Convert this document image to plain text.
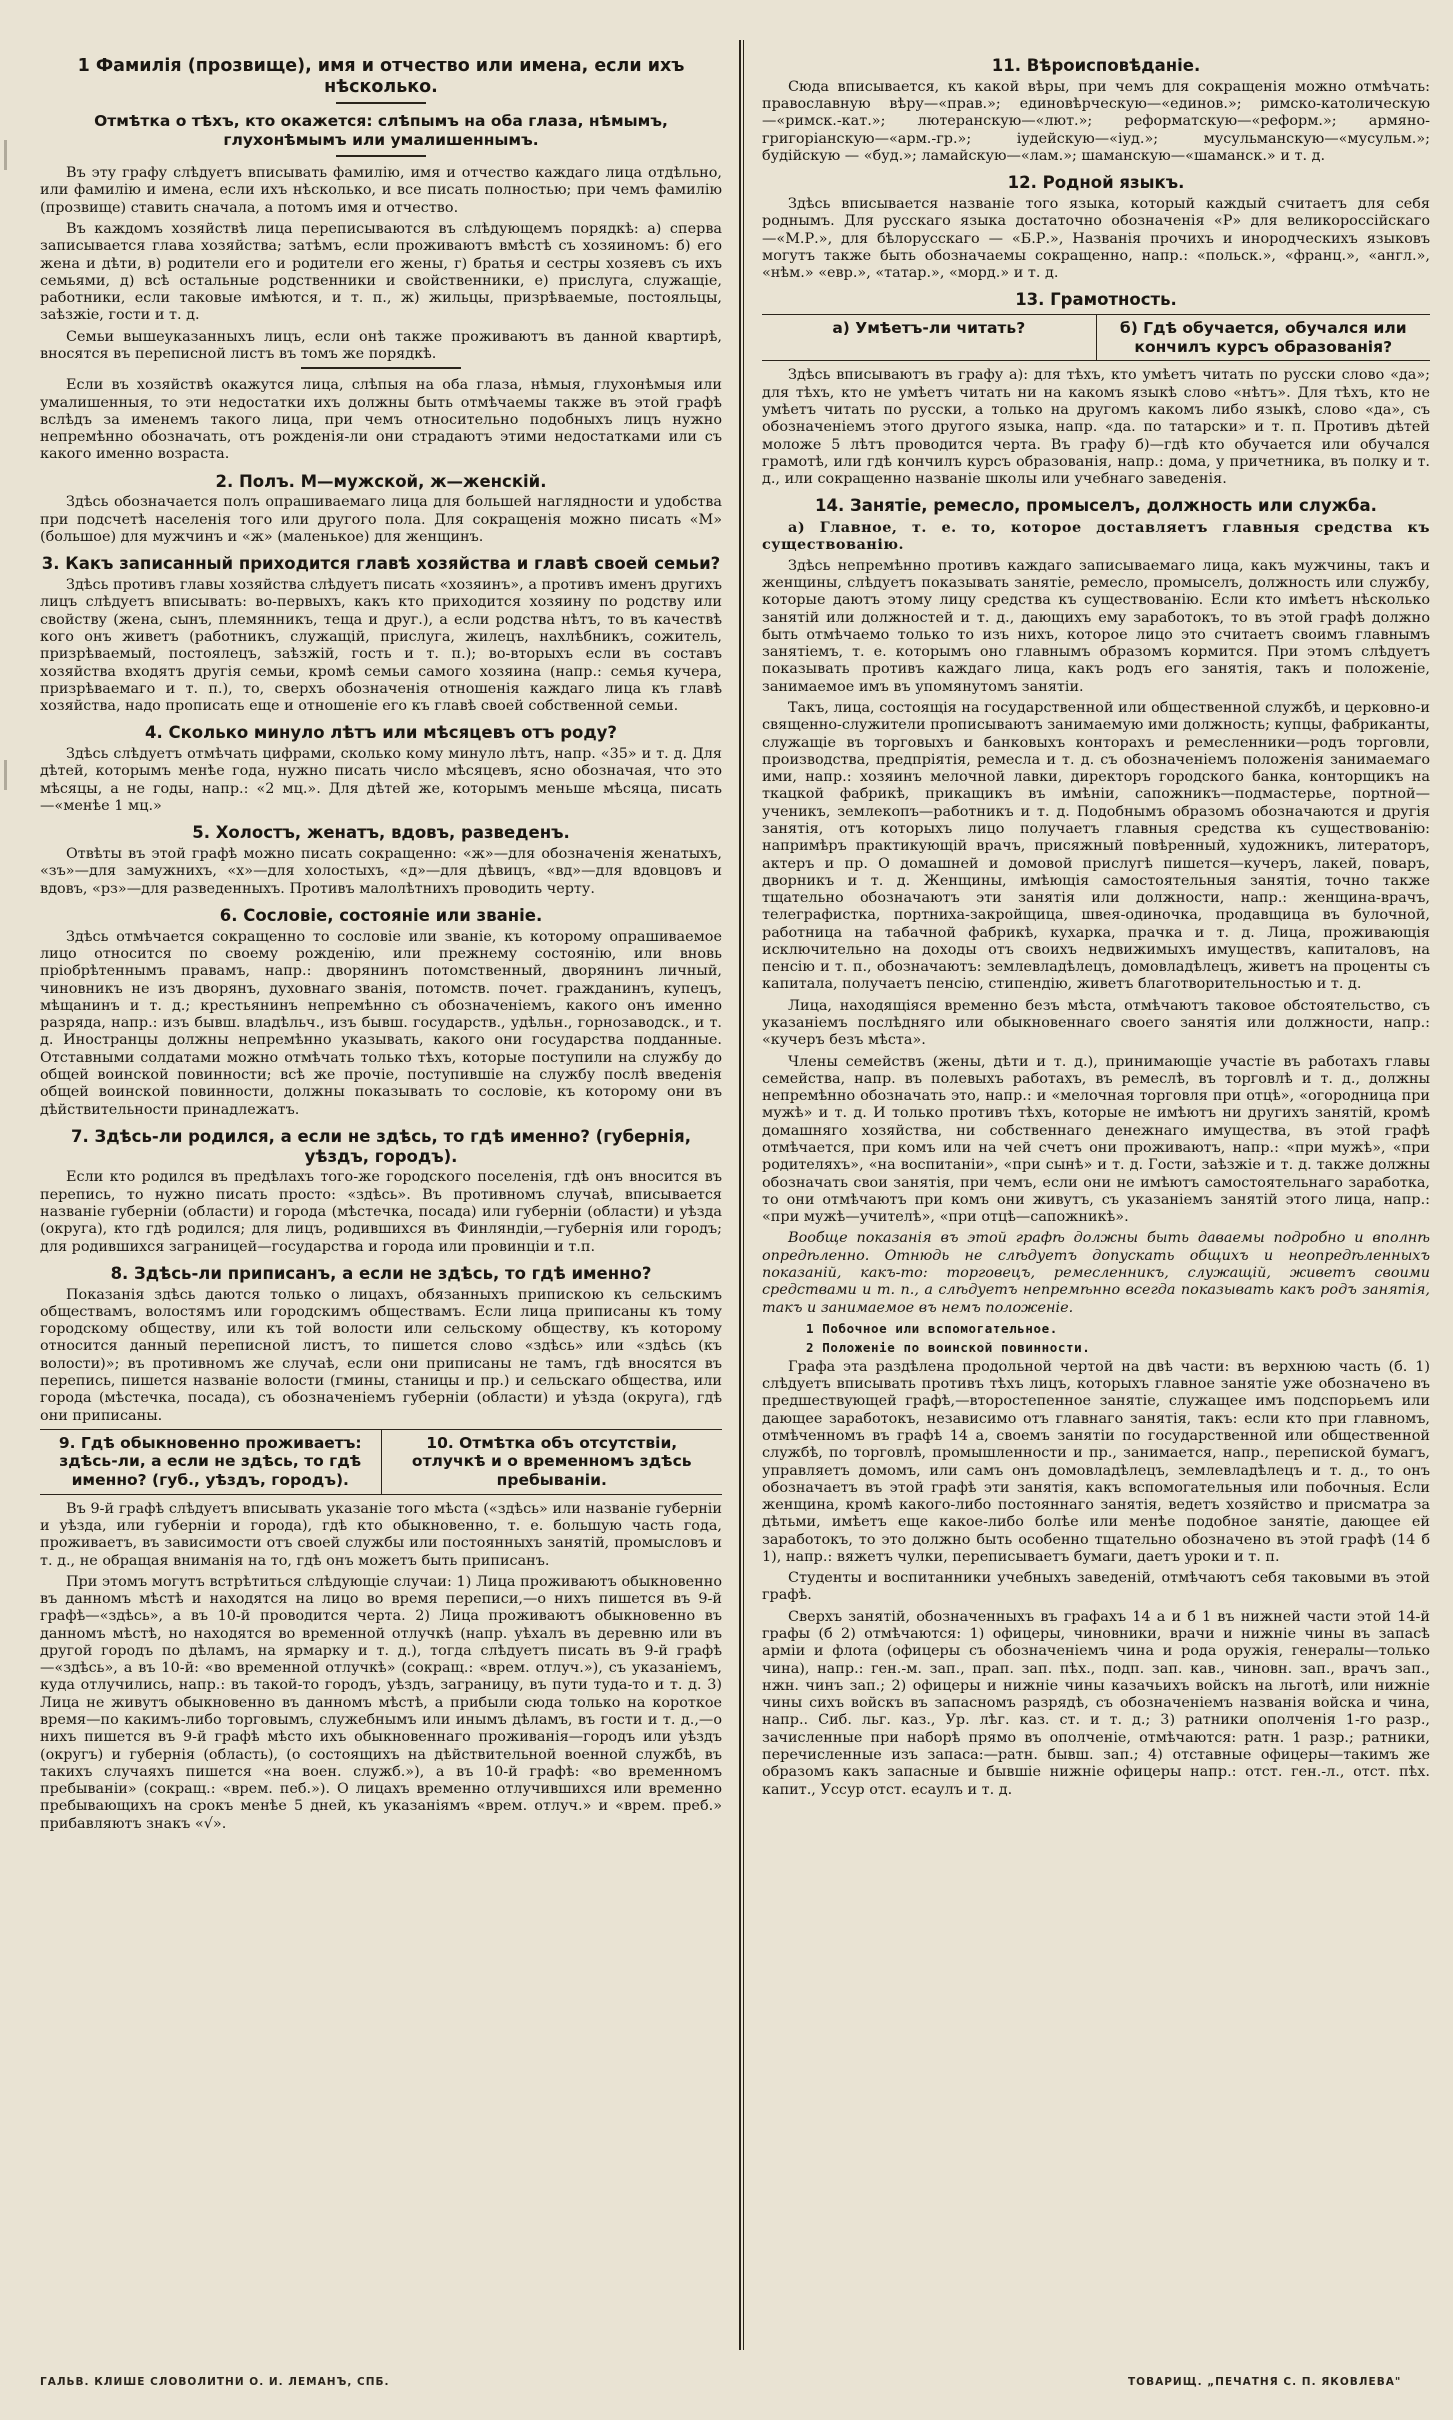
1 Фамилія (прозвище), имя и отчество или имена, если ихъ нѣсколько.
Отмѣтка о тѣхъ, кто окажется: слѣпымъ на оба глаза, нѣмымъ, глухонѣмымъ или умалишеннымъ.

Въ эту графу слѣдуетъ вписывать фамилію, имя и отчество каждаго лица отдѣльно, или фамилію и имена, если ихъ нѣсколько, и все писать полностью; при чемъ фамилію (прозвище) ставить сначала, а потомъ имя и отчество.

Въ каждомъ хозяйствѣ лица переписываются въ слѣдующемъ порядкѣ: а) сперва записывается глава хозяйства; затѣмъ, если проживаютъ вмѣстѣ съ хозяиномъ: б) его жена и дѣти, в) родители его и родители его жены, г) братья и сестры хозяевъ съ ихъ семьями, д) всѣ остальные родственники и свойственники, е) прислуга, служащіе, работники, если таковые имѣются, и т. п., ж) жильцы, призрѣваемые, постояльцы, заѣзжіе, гости и т. д.

Семьи вышеуказанныхъ лицъ, если онѣ также проживаютъ въ данной квартирѣ, вносятся въ переписной листъ въ томъ же порядкѣ.

Если въ хозяйствѣ окажутся лица, слѣпыя на оба глаза, нѣмыя, глухонѣмыя или умалишенныя, то эти недостатки ихъ должны быть отмѣчаемы также въ этой графѣ вслѣдъ за именемъ такого лица, при чемъ относительно подобныхъ лицъ нужно непремѣнно обозначать, отъ рожденія-ли они страдаютъ этими недостатками или съ какого именно возраста.

2. Полъ. М—мужской, ж—женскій.

Здѣсь обозначается полъ опрашиваемаго лица для большей наглядности и удобства при подсчетѣ населенія того или другого пола. Для сокращенія можно писать «М» (большое) для мужчинъ и «ж» (маленькое) для женщинъ.

3. Какъ записанный приходится главѣ хозяйства и главѣ своей семьи?

Здѣсь противъ главы хозяйства слѣдуетъ писать «хозяинъ», а противъ именъ другихъ лицъ слѣдуетъ вписывать: во-первыхъ, какъ кто приходится хозяину по родству или свойству (жена, сынъ, племянникъ, теща и друг.), а если родства нѣтъ, то въ качествѣ кого онъ живетъ (работникъ, служащій, прислуга, жилецъ, нахлѣбникъ, сожитель, призрѣваемый, постоялецъ, заѣзжій, гость и т. п.); во-вторыхъ если въ составъ хозяйства входятъ другія семьи, кромѣ семьи самого хозяина (напр.: семья кучера, призрѣваемаго и т. п.), то, сверхъ обозначенія отношенія каждаго лица къ главѣ хозяйства, надо прописать еще и отношеніе его къ главѣ своей собственной семьи.

4. Сколько минуло лѣтъ или мѣсяцевъ отъ роду?

Здѣсь слѣдуетъ отмѣчать цифрами, сколько кому минуло лѣтъ, напр. «35» и т. д. Для дѣтей, которымъ менѣе года, нужно писать число мѣсяцевъ, ясно обозначая, что это мѣсяцы, а не годы, напр.: «2 мц.». Для дѣтей же, которымъ меньше мѣсяца, писать—«менѣе 1 мц.»

5. Холостъ, женатъ, вдовъ, разведенъ.

Отвѣты въ этой графѣ можно писать сокращенно: «ж»—для обозначенія женатыхъ, «зъ»—для замужнихъ, «х»—для холостыхъ, «д»—для дѣвицъ, «вд»—для вдовцовъ и вдовъ, «рз»—для разведенныхъ. Противъ малолѣтнихъ проводить черту.

6. Сословіе, состояніе или званіе.

Здѣсь отмѣчается сокращенно то сословіе или званіе, къ которому опрашиваемое лицо относится по своему рожденію, или прежнему состоянію, или вновь пріобрѣтеннымъ правамъ, напр.: дворянинъ потомственный, дворянинъ личный, чиновникъ не изъ дворянъ, духовнаго званія, потомств. почет. гражданинъ, купецъ, мѣщанинъ и т. д.; крестьянинъ непремѣнно съ обозначеніемъ, какого онъ именно разряда, напр.: изъ бывш. владѣльч., изъ бывш. государств., удѣльн., горнозаводск., и т. д. Иностранцы должны непремѣнно указывать, какого они государства подданные. Отставными солдатами можно отмѣчать только тѣхъ, которые поступили на службу до общей воинской повинности; всѣ же прочіе, поступившіе на службу послѣ введенія общей воинской повинности, должны показывать то сословіе, къ которому они въ дѣйствительности принадлежатъ.

7. Здѣсь-ли родился, а если не здѣсь, то гдѣ именно? (губернія, уѣздъ, городъ).

Если кто родился въ предѣлахъ того-же городского поселенія, гдѣ онъ вносится въ перепись, то нужно писать просто: «здѣсь». Въ противномъ случаѣ, вписывается названіе губерніи (области) и города (мѣстечка, посада) или губерніи (области) и уѣзда (округа), кто гдѣ родился; для лицъ, родившихся въ Финляндіи,—губернія или городъ; для родившихся заграницей—государства и города или провинціи и т.п.

8. Здѣсь-ли приписанъ, а если не здѣсь, то гдѣ именно?

Показанія здѣсь даются только о лицахъ, обязанныхъ припискою къ сельскимъ обществамъ, волостямъ или городскимъ обществамъ. Если лица приписаны къ тому городскому обществу, или къ той волости или сельскому обществу, къ которому относится данный переписной листъ, то пишется слово «здѣсь» или «здѣсь (къ волости)»; въ противномъ же случаѣ, если они приписаны не тамъ, гдѣ вносятся въ перепись, пишется названіе волости (гмины, станицы и пр.) и сельскаго общества, или города (мѣстечка, посада), съ обозначеніемъ губерніи (области) и уѣзда (округа), гдѣ они приписаны.

9. Гдѣ обыкновенно проживаетъ: здѣсь-ли, а если не здѣсь, то гдѣ именно? (губ., уѣздъ, городъ).
10. Отмѣтка объ отсутствіи, отлучкѣ и о временномъ здѣсь пребываніи.

Въ 9-й графѣ слѣдуетъ вписывать указаніе того мѣста («здѣсь» или названіе губерніи и уѣзда, или губерніи и города), гдѣ кто обыкновенно, т. е. большую часть года, проживаетъ, въ зависимости отъ своей службы или постоянныхъ занятій, промысловъ и т. д., не обращая вниманія на то, гдѣ онъ можетъ быть приписанъ.

При этомъ могутъ встрѣтиться слѣдующіе случаи: 1) Лица проживаютъ обыкновенно въ данномъ мѣстѣ и находятся на лицо во время переписи,—о нихъ пишется въ 9-й графѣ—«здѣсь», а въ 10-й проводится черта. 2) Лица проживаютъ обыкновенно въ данномъ мѣстѣ, но находятся во временной отлучкѣ (напр. уѣхалъ въ деревню или въ другой городъ по дѣламъ, на ярмарку и т. д.), тогда слѣдуетъ писать въ 9-й графѣ—«здѣсь», а въ 10-й: «во временной отлучкѣ» (сокращ.: «врем. отлуч.»), съ указаніемъ, куда отлучились, напр.: въ такой-то городъ, уѣздъ, заграницу, въ пути туда-то и т. д. 3) Лица не живутъ обыкновенно въ данномъ мѣстѣ, а прибыли сюда только на короткое время—по какимъ-либо торговымъ, служебнымъ или инымъ дѣламъ, въ гости и т. д.,—о нихъ пишется въ 9-й графѣ мѣсто ихъ обыкновеннаго проживанія—городъ или уѣздъ (округъ) и губернія (область), (о состоящихъ на дѣйствительной военной службѣ, въ такихъ случаяхъ пишется «на воен. служб.»), а въ 10-й графѣ: «во временномъ пребываніи» (сокращ.: «врем. пеб.»). О лицахъ временно отлучившихся или временно пребывающихъ на срокъ менѣе 5 дней, къ указаніямъ «врем. отлуч.» и «врем. преб.» прибавляютъ знакъ «√».

11. Вѣроисповѣданіе.

Сюда вписывается, къ какой вѣры, при чемъ для сокращенія можно отмѣчать: православную вѣру—«прав.»; единовѣрческую—«единов.»; римско-католическую—«римск.-кат.»; лютеранскую—«лют.»; реформатскую—«реформ.»; армяно-григоріанскую—«арм.-гр.»; іудейскую—«іуд.»; мусульманскую—«мусульм.»; будійскую — «буд.»; ламайскую—«лам.»; шаманскую—«шаманск.» и т. д.

12. Родной языкъ.

Здѣсь вписывается названіе того языка, который каждый считаетъ для себя роднымъ. Для русскаго языка достаточно обозначенія «Р» для великороссійскаго—«М.Р.», для бѣлорусскаго — «Б.Р.», Названія прочихъ и инородческихъ языковъ могутъ также быть обозначаемы сокращенно, напр.: «польск.», «франц.», «англ.», «нѣм.» «евр.», «татар.», «морд.» и т. д.

13. Грамотность.
а) Умѣетъ-ли читать?	б) Гдѣ обучается, обучался или кончилъ курсъ образованія?

Здѣсь вписываютъ въ графу а): для тѣхъ, кто умѣетъ читать по русски слово «да»; для тѣхъ, кто не умѣетъ читать ни на какомъ языкѣ слово «нѣтъ». Для тѣхъ, кто не умѣетъ читать по русски, а только на другомъ какомъ либо языкѣ, слово «да», съ обозначеніемъ этого другого языка, напр. «да. по татарски» и т. п. Противъ дѣтей моложе 5 лѣтъ проводится черта. Въ графу б)—гдѣ кто обучается или обучался грамотѣ, или гдѣ кончилъ курсъ образованія, напр.: дома, у причетника, въ полку и т. д., или сокращенно названіе школы или учебнаго заведенія.

14. Занятіе, ремесло, промыселъ, должность или служба.

а) Главное, т. е. то, которое доставляетъ главныя средства къ существованію.

Здѣсь непремѣнно противъ каждаго записываемаго лица, какъ мужчины, такъ и женщины, слѣдуетъ показывать занятіе, ремесло, промыселъ, должность или службу, которые даютъ этому лицу средства къ существованію. Если кто имѣетъ нѣсколько занятій или должностей и т. д., дающихъ ему заработокъ, то въ этой графѣ должно быть отмѣчаемо только то изъ нихъ, которое лицо это считаетъ своимъ главнымъ занятіемъ, т. е. которымъ оно главнымъ образомъ кормится. При этомъ слѣдуетъ показывать противъ каждаго лица, какъ родъ его занятія, такъ и положеніе, занимаемое имъ въ упомянутомъ занятіи.

Такъ, лица, состоящія на государственной или общественной службѣ, и церковно-и священно-служители прописываютъ занимаемую ими должность; купцы, фабриканты, служащіе въ торговыхъ и банковыхъ конторахъ и ремесленники—родъ торговли, производства, предпріятія, ремесла и т. д. съ обозначеніемъ положенія занимаемаго ими, напр.: хозяинъ мелочной лавки, директоръ городского банка, конторщикъ на ткацкой фабрикѣ, прикащикъ въ имѣніи, сапожникъ—подмастерье, портной—ученикъ, землекопъ—работникъ и т. д. Подобнымъ образомъ обозначаются и другія занятія, отъ которыхъ лицо получаетъ главныя средства къ существованію: напримѣръ практикующій врачъ, присяжный повѣренный, художникъ, литераторъ, актеръ и пр. О домашней и домовой прислугѣ пишется—кучеръ, лакей, поваръ, дворникъ и т. д. Женщины, имѣющія самостоятельныя занятія, точно также тщательно обозначаютъ эти занятія или должности, напр.: женщина-врачъ, телеграфистка, портниха-закройщица, швея-одиночка, продавщица въ булочной, работница на табачной фабрикѣ, кухарка, прачка и т. д. Лица, проживающія исключительно на доходы отъ своихъ недвижимыхъ имуществъ, капиталовъ, на пенсію и т. п., обозначаютъ: землевладѣлецъ, домовладѣлецъ, живетъ на проценты съ капитала, получаетъ пенсію, стипендію, живетъ благотворительностью и т. д.

Лица, находящіяся временно безъ мѣста, отмѣчаютъ таковое обстоятельство, съ указаніемъ послѣдняго или обыкновеннаго своего занятія или должности, напр.: «кучеръ безъ мѣста».

Члены семействъ (жены, дѣти и т. д.), принимающіе участіе въ работахъ главы семейства, напр. въ полевыхъ работахъ, въ ремеслѣ, въ торговлѣ и т. д., должны непремѣнно обозначать это, напр.: и «мелочная торговля при отцѣ», «огородница при мужѣ» и т. д. И только противъ тѣхъ, которые не имѣютъ ни другихъ занятій, кромѣ домашняго хозяйства, ни собственнаго денежнаго имущества, въ этой графѣ отмѣчается, при комъ или на чей счетъ они проживаютъ, напр.: «при мужѣ», «при родителяхъ», «на воспитаніи», «при сынѣ» и т. д. Гости, заѣзжіе и т. д. также должны обозначать свои занятія, при чемъ, если они не имѣютъ самостоятельнаго заработка, то они отмѣчаютъ при комъ они живутъ, съ указаніемъ занятій этого лица, напр.: «при мужѣ—учителѣ», «при отцѣ—сапожникѣ».

Вообще показанія въ этой графѣ должны быть даваемы подробно и вполнѣ опредѣленно. Отнюдь не слѣдуетъ допускать общихъ и неопредѣленныхъ показаній, какъ-то: торговецъ, ремесленникъ, служащій, живетъ своими средствами и т. п., а слѣдуетъ непремѣнно всегда показывать какъ родъ занятія, такъ и занимаемое въ немъ положеніе.

1 Побочное или вспомогательное.
2 Положеніе по воинской повинности.

Графа эта раздѣлена продольной чертой на двѣ части: въ верхнюю часть (б. 1) слѣдуетъ вписывать противъ тѣхъ лицъ, которыхъ главное занятіе уже обозначено въ предшествующей графѣ,—второстепенное занятіе, служащее имъ подспорьемъ или дающее заработокъ, независимо отъ главнаго занятія, такъ: если кто при главномъ, отмѣченномъ въ графѣ 14 а, своемъ занятіи по государственной или общественной службѣ, по торговлѣ, промышленности и пр., занимается, напр., перепиской бумагъ, управляетъ домомъ, или самъ онъ домовладѣлецъ, землевладѣлецъ и т. д., то онъ обозначаетъ въ этой графѣ эти занятія, какъ вспомогательныя или побочныя. Если женщина, кромѣ какого-либо постояннаго занятія, ведетъ хозяйство и присматра за дѣтьми, имѣетъ еще какое-либо болѣе или менѣе подобное занятіе, дающее ей заработокъ, то это должно быть особенно тщательно обозначено въ этой графѣ (14 б 1), напр.: вяжетъ чулки, переписываетъ бумаги, даетъ уроки и т. п.

Студенты и воспитанники учебныхъ заведеній, отмѣчаютъ себя таковыми въ этой графѣ.

Сверхъ занятій, обозначенныхъ въ графахъ 14 а и б 1 въ нижней части этой 14-й графы (б 2) отмѣчаются: 1) офицеры, чиновники, врачи и нижніе чины въ запасѣ арміи и флота (офицеры съ обозначеніемъ чина и рода оружія, генералы—только чина), напр.: ген.-м. зап., прап. зап. пѣх., подп. зап. кав., чиновн. зап., врачъ зап., нжн. чинъ зап.; 2) офицеры и нижніе чины казачьихъ войскъ на льготѣ, или нижніе чины сихъ войскъ въ запасномъ разрядѣ, съ обозначеніемъ названія войска и чина, напр.. Сиб. льг. каз., Ур. лѣг. каз. ст. и т. д.; 3) ратники ополченія 1-го разр., зачисленные при наборѣ прямо въ ополченіе, отмѣчаются: ратн. 1 разр.; ратники, перечисленные изъ запаса:—ратн. бывш. зап.; 4) отставные офицеры—такимъ же образомъ какъ запасные и бывшіе нижніе офицеры напр.: отст. ген.-л., отст. пѣх. капит., Уссур отст. есаулъ и т. д.

ГАЛЬВ. КЛИШЕ СЛОВОЛИТНИ О. И. ЛЕМАНЪ, СПБ.	ТОВАРИЩ. „ПЕЧАТНЯ С. П. ЯКОВЛЕВА"
